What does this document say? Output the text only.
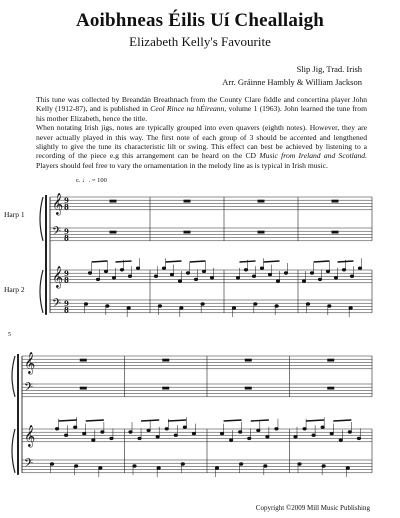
Aoibhneas Éilis Uí Cheallaigh
Elizabeth Kelly's Favourite
Slip Jig, Trad. Irish
Arr. Gráinne Hambly & William Jackson

This tune was collected by Breandán Breathnach from the County Clare fiddle and concertina player John Kelly (1912-87), and is published in Ceol Rince na hÉireann, volume 1 (1963). John learned the tune from his mother Elizabeth, hence the title.

When notating Irish jigs, notes are typically grouped into even quavers (eighth notes). However, they are never actually played in this way. The first note of each group of 3 should be accented and lengthened slightly to give the tune its characteristic lilt or swing. This effect can best be achieved by listening to a recording of the piece e.g this arrangement can be heard on the CD Music from Ireland and Scotland. Players should feel free to vary the ornamentation in the melody line as is typical in Irish music.

c. ♩. = 100
Harp 1
Harp 2
5
𝄞 9
8
𝄢 9
8
𝄞 9
8
𝄢 9
8
𝄞
𝄢
𝄞
𝄢
Copyright ©2009 Mill Music Publishing
